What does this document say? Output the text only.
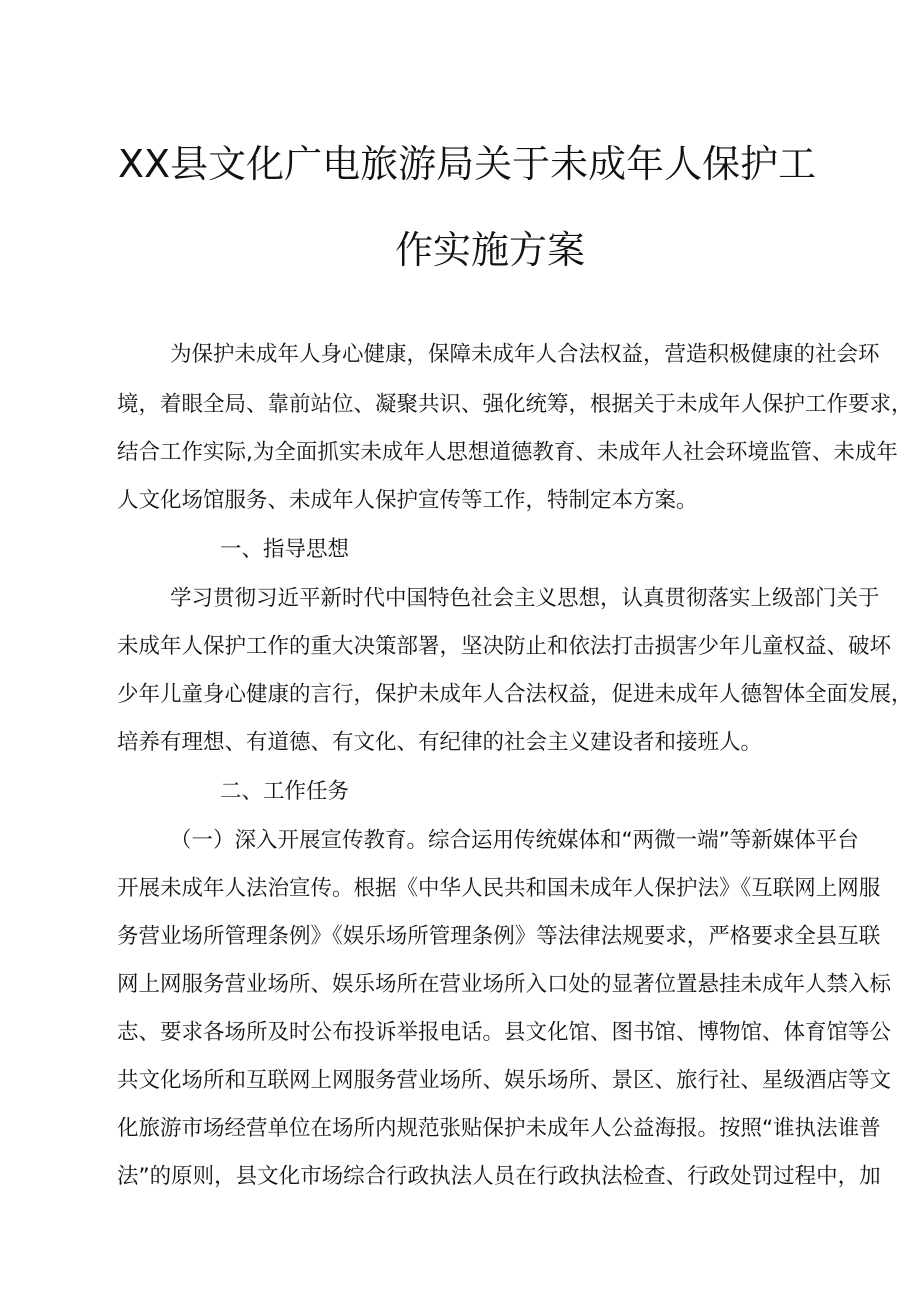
XX县文化广电旅游局关于未成年人保护工
作实施方案
为保护未成年人身心健康，保障未成年人合法权益，营造积极健康的社会环
境，着眼全局、靠前站位、凝聚共识、强化统筹，根据关于未成年人保护工作要求，
结合工作实际,为全面抓实未成年人思想道德教育、未成年人社会环境监管、未成年
人文化场馆服务、未成年人保护宣传等工作，特制定本方案。
一、指导思想
学习贯彻习近平新时代中国特色社会主义思想，认真贯彻落实上级部门关于
未成年人保护工作的重大决策部署，坚决防止和依法打击损害少年儿童权益、破坏
少年儿童身心健康的言行，保护未成年人合法权益，促进未成年人德智体全面发展，
培养有理想、有道德、有文化、有纪律的社会主义建设者和接班人。
二、工作任务
（一）深入开展宣传教育。综合运用传统媒体和“两微一端”等新媒体平台
开展未成年人法治宣传。根据《中华人民共和国未成年人保护法》《互联网上网服
务营业场所管理条例》《娱乐场所管理条例》等法律法规要求，严格要求全县互联
网上网服务营业场所、娱乐场所在营业场所入口处的显著位置悬挂未成年人禁入标
志、要求各场所及时公布投诉举报电话。县文化馆、图书馆、博物馆、体育馆等公
共文化场所和互联网上网服务营业场所、娱乐场所、景区、旅行社、星级酒店等文
化旅游市场经营单位在场所内规范张贴保护未成年人公益海报。按照“谁执法谁普
法”的原则，县文化市场综合行政执法人员在行政执法检查、行政处罚过程中，加
